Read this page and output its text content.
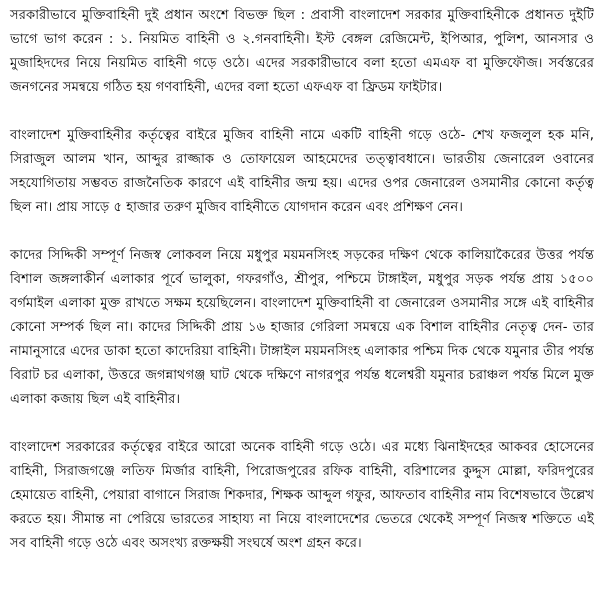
সরকারীভাবে মুক্তিবাহিনী দুই প্রধান অংশে বিভক্ত ছিল : প্রবাসী বাংলাদেশ সরকার মুক্তিবাহিনীকে প্রধানত দুইটি ভাগে ভাগ করেন : ১. নিয়মিত বাহিনী ও ২.গনবাহিনী। ইস্ট বেঙ্গল রেজিমেন্ট, ইপিআর, পুলিশ, আনসার ও মুজাহিদদের নিয়ে নিয়মিত বাহিনী গড়ে ওঠে। এদের সরকারীভাবে বলা হতো এমএফ বা মুক্তিফৌজ। সর্বস্তরের জনগনের সমন্বয়ে গঠিত হয় গণবাহিনী, এদের বলা হতো এফএফ বা ফ্রিডম ফাইটার।

বাংলাদেশ মুক্তিবাহিনীর কর্তৃত্বের বাইরে মুজিব বাহিনী নামে একটি বাহিনী গড়ে ওঠে- শেখ ফজলুল হক মনি, সিরাজুল আলম খান, আব্দুর রাজ্জাক ও তোফায়েল আহমেদের তত্ত্বাবধানে। ভারতীয় জেনারেল ওবানের সহযোগিতায় সম্ভবত রাজনৈতিক কারণে এই বাহিনীর জন্ম হয়। এদের ওপর জেনারেল ওসমানীর কোনো কর্তৃত্ব ছিল না। প্রায় সাড়ে ৫ হাজার তরুণ মুজিব বাহিনীতে যোগদান করেন এবং প্রশিক্ষণ নেন।

কাদের সিদ্দিকী সম্পূর্ণ নিজস্ব লোকবল নিয়ে মধুপুর ময়মনসিংহ সড়কের দক্ষিণ থেকে কালিয়াকৈরের উত্তর পর্যন্ত বিশাল জঙ্গলাকীর্ন এলাকার পূর্বে ভালুকা, গফরগাঁও, শ্রীপুর, পশ্চিমে টাঙ্গাইল, মধুপুর সড়ক পর্যন্ত প্রায় ১৫০০ বর্গমাইল এলাকা মুক্ত রাখতে সক্ষম হয়েছিলেন। বাংলাদেশ মুক্তিবাহিনী বা জেনারেল ওসমানীর সঙ্গে এই বাহিনীর কোনো সম্পর্ক ছিল না। কাদের সিদ্দিকী প্রায় ১৬ হাজার গেরিলা সমন্বয়ে এক বিশাল বাহিনীর নেতৃত্ব দেন- তার নামানুসারে এদের ডাকা হতো কাদেরিয়া বাহিনী। টাঙ্গাইল ময়মনসিংহ এলাকার পশ্চিম দিক থেকে যমুনার তীর পর্যন্ত বিরাট চর এলাকা, উত্তরে জগন্নাথগঞ্জ ঘাট থেকে দক্ষিণে নাগরপুর পর্যন্ত ধলেশ্বরী যমুনার চরাঞ্চল পর্যন্ত মিলে মুক্ত এলাকা কজায় ছিল এই বাহিনীর।

বাংলাদেশ সরকারের কর্তৃত্বের বাইরে আরো অনেক বাহিনী গড়ে ওঠে। এর মধ্যে ঝিনাইদহের আকবর হোসেনের বাহিনী, সিরাজগঞ্জে লতিফ মির্জার বাহিনী, পিরোজপুরের রফিক বাহিনী, বরিশালের কুদ্দুস মোল্লা, ফরিদপুরের হেমায়েত বাহিনী, পেয়ারা বাগানে সিরাজ শিকদার, শিক্ষক আব্দুল গফুর, আফতাব বাহিনীর নাম বিশেষভাবে উল্লেখ করতে হয়। সীমান্ত না পেরিয়ে ভারতের সাহায্য না নিয়ে বাংলাদেশের ভেতরে থেকেই সম্পূর্ণ নিজস্ব শক্তিতে এই সব বাহিনী গড়ে ওঠে এবং অসংখ্য রক্তক্ষয়ী সংঘর্ষে অংশ গ্রহন করে।
